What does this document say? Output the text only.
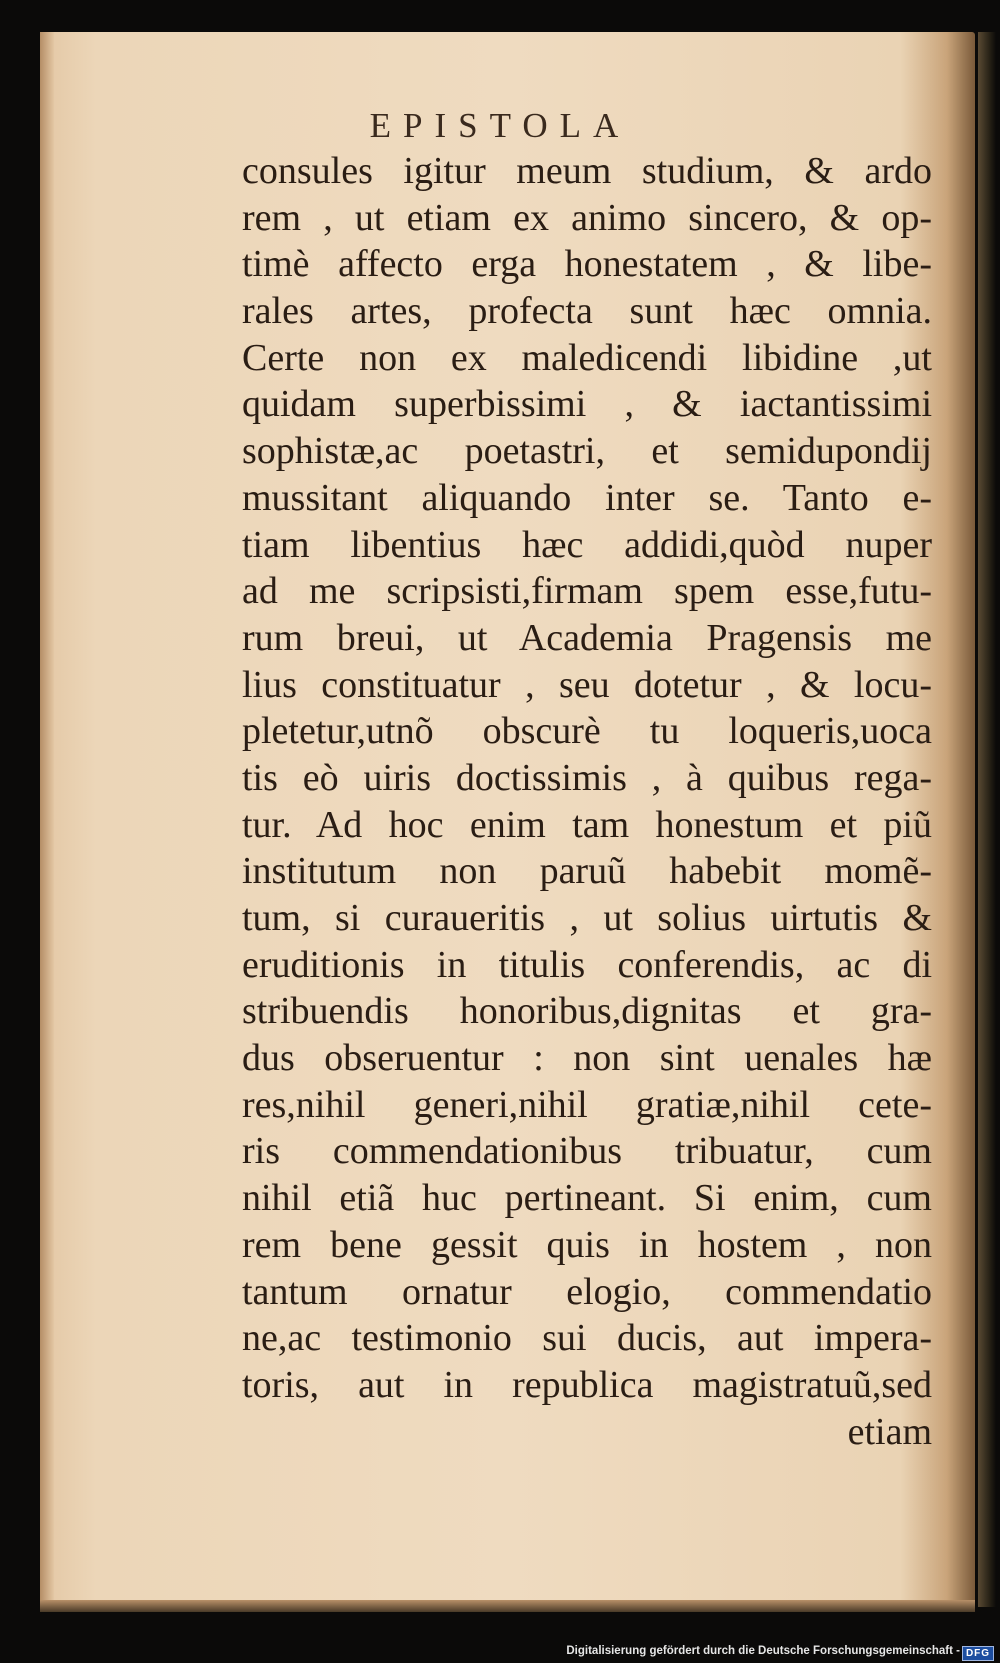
EPISTOLA
consules igitur meum studium, & ardo
rem , ut etiam ex animo sincero, & op-
timè affecto erga honestatem , & libe-
rales artes, profecta sunt hæc omnia.
Certe non ex maledicendi libidine ,ut
quidam superbissimi , & iactantissimi
sophistæ,ac poetastri, et semidupondij
mussitant aliquando inter se. Tanto e-
tiam libentius hæc addidi,quòd nuper
ad me scripsisti,firmam spem esse,futu-
rum breui, ut Academia Pragensis me
lius constituatur , seu dotetur , & locu-
pletetur,utnõ obscurè tu loqueris,uoca
tis eò uiris doctissimis , à quibus rega-
tur. Ad hoc enim tam honestum et piũ
institutum non paruũ habebit momẽ-
tum, si curaueritis , ut solius uirtutis &
eruditionis in titulis conferendis, ac di
stribuendis honoribus,dignitas et gra-
dus obseruentur : non sint uenales hæ
res,nihil generi,nihil gratiæ,nihil cete-
ris commendationibus tribuatur, cum
nihil etiã huc pertineant. Si enim, cum
rem bene gessit quis in hostem , non
tantum ornatur elogio, commendatio
ne,ac testimonio sui ducis, aut impera-
toris, aut in republica magistratuũ,sed
etiam
Digitalisierung gefördert durch die Deutsche Forschungsgemeinschaft - DFG
